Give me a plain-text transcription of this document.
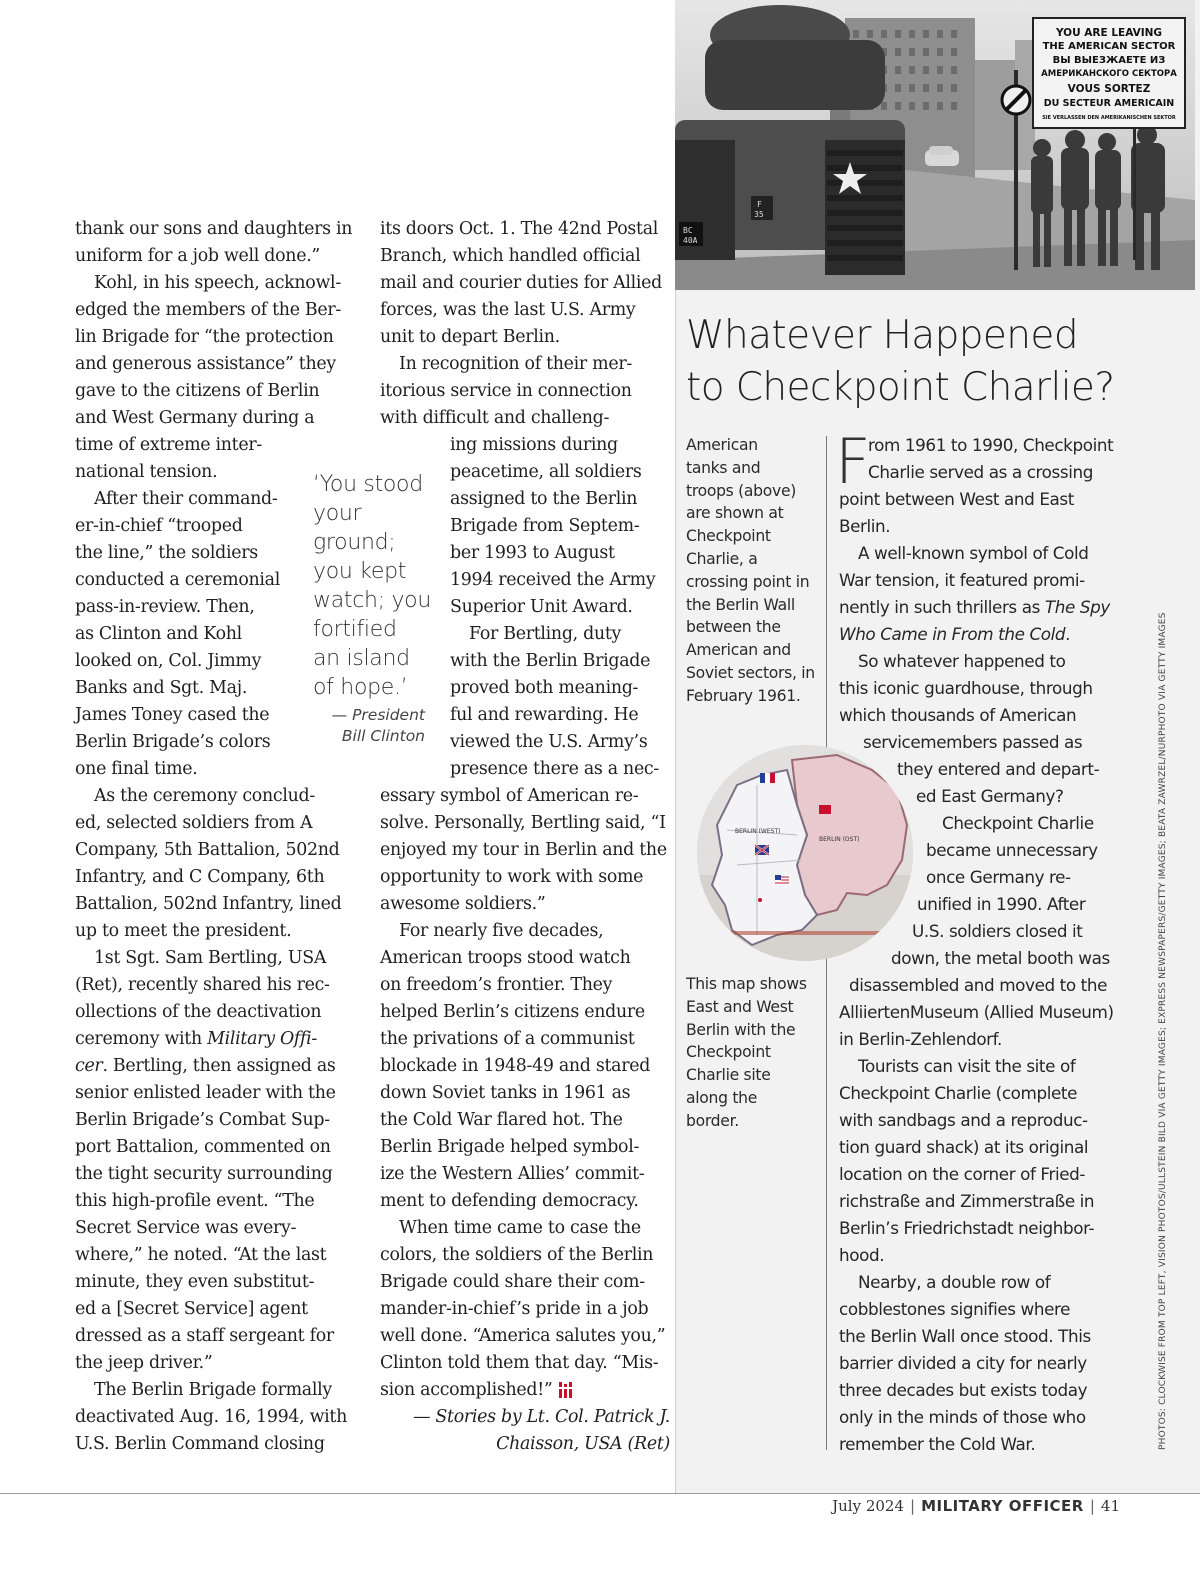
BC
40A
F
35
YOU ARE LEAVING
THE AMERICAN SECTOR
ВЫ ВЫЕЗЖАЕТЕ ИЗ
АМЕРИКАНСКОГО СЕКТОРА
VOUS SORTEZ
DU SECTEUR AMERICAIN
SIE VERLASSEN DEN AMERIKANISCHEN SEKTOR
thank our sons and daughters in
uniform for a job well done.”
Kohl, in his speech, acknowl-
edged the members of the Ber-
lin Brigade for “the protection
and generous assistance” they
gave to the citizens of Berlin
and West Germany during a
time of extreme inter-
national tension.
After their command-
er-in-chief “trooped
the line,” the soldiers
conducted a ceremonial
pass-in-review. Then,
as Clinton and Kohl
looked on, Col. Jimmy
Banks and Sgt. Maj.
James Toney cased the
Berlin Brigade’s colors
one final time.
As the ceremony conclud-
ed, selected soldiers from A
Company, 5th Battalion, 502nd
Infantry, and C Company, 6th
Battalion, 502nd Infantry, lined
up to meet the president.
1st Sgt. Sam Bertling, USA
(Ret), recently shared his rec-
ollections of the deactivation
ceremony with Military Offi-
cer. Bertling, then assigned as
senior enlisted leader with the
Berlin Brigade’s Combat Sup-
port Battalion, commented on
the tight security surrounding
this high-profile event. “The
Secret Service was every-
where,” he noted. “At the last
minute, they even substitut-
ed a [Secret Service] agent
dressed as a staff sergeant for
the jeep driver.”
The Berlin Brigade formally
deactivated Aug. 16, 1994, with
U.S. Berlin Command closing
its doors Oct. 1. The 42nd Postal
Branch, which handled official
mail and courier duties for Allied
forces, was the last U.S. Army
unit to depart Berlin.
In recognition of their mer-
itorious service in connection
with difficult and challeng-
ing missions during
peacetime, all soldiers
assigned to the Berlin
Brigade from Septem-
ber 1993 to August
1994 received the Army
Superior Unit Award.
For Bertling, duty
with the Berlin Brigade
proved both meaning-
ful and rewarding. He
viewed the U.S. Army’s
presence there as a nec-
essary symbol of American re-
solve. Personally, Bertling said, “I
enjoyed my tour in Berlin and the
opportunity to work with some
awesome soldiers.”
For nearly five decades,
American troops stood watch
on freedom’s frontier. They
helped Berlin’s citizens endure
the privations of a communist
blockade in 1948-49 and stared
down Soviet tanks in 1961 as
the Cold War flared hot. The
Berlin Brigade helped symbol-
ize the Western Allies’ commit-
ment to defending democracy.
When time came to case the
colors, the soldiers of the Berlin
Brigade could share their com-
mander-in-chief’s pride in a job
well done. “America salutes you,”
Clinton told them that day. “Mis-
sion accomplished!”
— Stories by Lt. Col. Patrick J.
Chaisson, USA (Ret)
‘You stood
your
ground;
you kept
watch; you
fortified
an island
of hope.’
— President
Bill Clinton
Whatever Happened
to Checkpoint Charlie?
American
tanks and
troops (above)
are shown at
Checkpoint
Charlie, a
crossing point in
the Berlin Wall
between the
American and
Soviet sectors, in
February 1961.
This map shows
East and West
Berlin with the
Checkpoint
Charlie site
along the
border.
F
rom 1961 to 1990, Checkpoint
Charlie served as a crossing
point between West and East
Berlin.
A well-known symbol of Cold
War tension, it featured promi-
nently in such thrillers as The Spy
Who Came in From the Cold.
So whatever happened to
this iconic guardhouse, through
which thousands of American
servicemembers passed as
they entered and depart-
ed East Germany?
Checkpoint Charlie
became unnecessary
once Germany re-
unified in 1990. After
U.S. soldiers closed it
down, the metal booth was
disassembled and moved to the
AlliiertenMuseum (Allied Museum)
in Berlin-Zehlendorf.
Tourists can visit the site of
Checkpoint Charlie (complete
with sandbags and a reproduc-
tion guard shack) at its original
location on the corner of Fried-
richstraße and Zimmerstraße in
Berlin’s Friedrichstadt neighbor-
hood.
Nearby, a double row of
cobblestones signifies where
the Berlin Wall once stood. This
barrier divided a city for nearly
three decades but exists today
only in the minds of those who
remember the Cold War.
BERLIN (WEST)
BERLIN (OST)	PHOTOS: CLOCKWISE FROM TOP LEFT, VISION PHOTOS/ULLSTEIN BILD VIA GETTY IMAGES; EXPRESS NEWSPAPERS/GETTY IMAGES; BEATA ZAWRZEL/NURPHOTO VIA GETTY IMAGES
July 2024 | MILITARY OFFICER | 41
